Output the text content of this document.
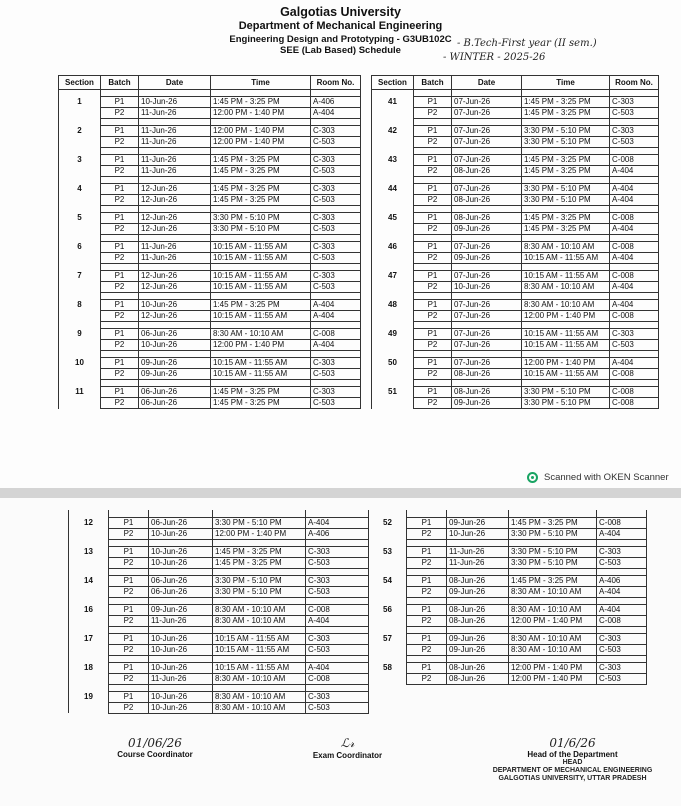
Galgotias University
Department of Mechanical Engineering
Engineering Design and Prototyping - G3UB102C
SEE (Lab Based) Schedule
- B.Tech-First year (II sem.)
- WINTER - 2025-26
Section	Batch	Date	Time	Room No.

1	P1	10-Jun-26	1:45 PM - 3:25 PM	A-406
	P2	11-Jun-26	12:00 PM - 1:40 PM	A-404

2	P1	11-Jun-26	12:00 PM - 1:40 PM	C-303
	P2	11-Jun-26	12:00 PM - 1:40 PM	C-503

3	P1	11-Jun-26	1:45 PM - 3:25 PM	C-303
	P2	11-Jun-26	1:45 PM - 3:25 PM	C-503

4	P1	12-Jun-26	1:45 PM - 3:25 PM	C-303
	P2	12-Jun-26	1:45 PM - 3:25 PM	C-503

5	P1	12-Jun-26	3:30 PM - 5:10 PM	C-303
	P2	12-Jun-26	3:30 PM - 5:10 PM	C-503

6	P1	11-Jun-26	10:15 AM - 11:55 AM	C-303
	P2	11-Jun-26	10:15 AM - 11:55 AM	C-503

7	P1	12-Jun-26	10:15 AM - 11:55 AM	C-303
	P2	12-Jun-26	10:15 AM - 11:55 AM	C-503

8	P1	10-Jun-26	1:45 PM - 3:25 PM	A-404
	P2	12-Jun-26	10:15 AM - 11:55 AM	A-404

9	P1	06-Jun-26	8:30 AM - 10:10 AM	C-008
	P2	10-Jun-26	12:00 PM - 1:40 PM	A-404

10	P1	09-Jun-26	10:15 AM - 11:55 AM	C-303
	P2	09-Jun-26	10:15 AM - 11:55 AM	C-503

11	P1	06-Jun-26	1:45 PM - 3:25 PM	C-303
	P2	06-Jun-26	1:45 PM - 3:25 PM	C-503
Section	Batch	Date	Time	Room No.

41	P1	07-Jun-26	1:45 PM - 3:25 PM	C-303
	P2	07-Jun-26	1:45 PM - 3:25 PM	C-503

42	P1	07-Jun-26	3:30 PM - 5:10 PM	C-303
	P2	07-Jun-26	3:30 PM - 5:10 PM	C-503

43	P1	07-Jun-26	1:45 PM - 3:25 PM	C-008
	P2	08-Jun-26	1:45 PM - 3:25 PM	A-404

44	P1	07-Jun-26	3:30 PM - 5:10 PM	A-404
	P2	08-Jun-26	3:30 PM - 5:10 PM	A-404

45	P1	08-Jun-26	1:45 PM - 3:25 PM	C-008
	P2	09-Jun-26	1:45 PM - 3:25 PM	A-404

46	P1	07-Jun-26	8:30 AM - 10:10 AM	C-008
	P2	09-Jun-26	10:15 AM - 11:55 AM	A-404

47	P1	07-Jun-26	10:15 AM - 11:55 AM	C-008
	P2	10-Jun-26	8:30 AM - 10:10 AM	A-404

48	P1	07-Jun-26	8:30 AM - 10:10 AM	A-404
	P2	07-Jun-26	12:00 PM - 1:40 PM	C-008

49	P1	07-Jun-26	10:15 AM - 11:55 AM	C-303
	P2	07-Jun-26	10:15 AM - 11:55 AM	C-503

50	P1	07-Jun-26	12:00 PM - 1:40 PM	A-404
	P2	08-Jun-26	10:15 AM - 11:55 AM	C-008

51	P1	08-Jun-26	3:30 PM - 5:10 PM	C-008
	P2	09-Jun-26	3:30 PM - 5:10 PM	C-008
Scanned with OKEN Scanner

12	P1	06-Jun-26	3:30 PM - 5:10 PM	A-404
	P2	10-Jun-26	12:00 PM - 1:40 PM	A-406

13	P1	10-Jun-26	1:45 PM - 3:25 PM	C-303
	P2	10-Jun-26	1:45 PM - 3:25 PM	C-503

14	P1	06-Jun-26	3:30 PM - 5:10 PM	C-303
	P2	06-Jun-26	3:30 PM - 5:10 PM	C-503

16	P1	09-Jun-26	8:30 AM - 10:10 AM	C-008
	P2	11-Jun-26	8:30 AM - 10:10 AM	A-404

17	P1	10-Jun-26	10:15 AM - 11:55 AM	C-303
	P2	10-Jun-26	10:15 AM - 11:55 AM	C-503

18	P1	10-Jun-26	10:15 AM - 11:55 AM	A-404
	P2	11-Jun-26	8:30 AM - 10:10 AM	C-008

19	P1	10-Jun-26	8:30 AM - 10:10 AM	C-303
	P2	10-Jun-26	8:30 AM - 10:10 AM	C-503

52	P1	09-Jun-26	1:45 PM - 3:25 PM	C-008
	P2	10-Jun-26	3:30 PM - 5:10 PM	A-404

53	P1	11-Jun-26	3:30 PM - 5:10 PM	C-303
	P2	11-Jun-26	3:30 PM - 5:10 PM	C-503

54	P1	08-Jun-26	1:45 PM - 3:25 PM	A-406
	P2	09-Jun-26	8:30 AM - 10:10 AM	A-404

56	P1	08-Jun-26	8:30 AM - 10:10 AM	A-404
	P2	08-Jun-26	12:00 PM - 1:40 PM	C-008

57	P1	09-Jun-26	8:30 AM - 10:10 AM	C-303
	P2	09-Jun-26	8:30 AM - 10:10 AM	C-503

58	P1	08-Jun-26	12:00 PM - 1:40 PM	C-303
	P2	08-Jun-26	12:00 PM - 1:40 PM	C-503
01/06/26
Course Coordinator
ℒ𝓇
Exam Coordinator
01/6/26
Head of the Department
HEAD
DEPARTMENT OF MECHANICAL ENGINEERING
GALGOTIAS UNIVERSITY, UTTAR PRADESH
